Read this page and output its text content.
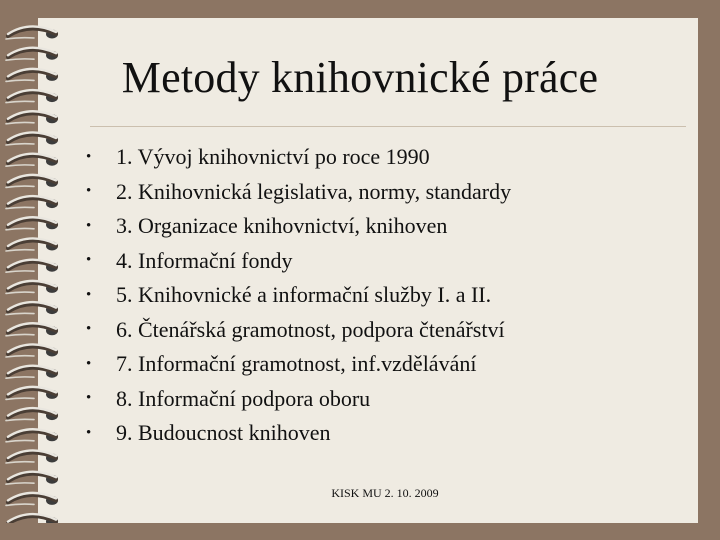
Metody knihovnické práce
• 1. Vývoj knihovnictví po roce 1990
• 2. Knihovnická legislativa, normy, standardy
• 3. Organizace knihovnictví, knihoven
• 4. Informační fondy
• 5. Knihovnické a informační služby I. a II.
• 6. Čtenářská gramotnost, podpora čtenářství
• 7. Informační gramotnost, inf.vzdělávání
• 8. Informační podpora oboru
• 9. Budoucnost knihoven
KISK MU 2. 10. 2009
